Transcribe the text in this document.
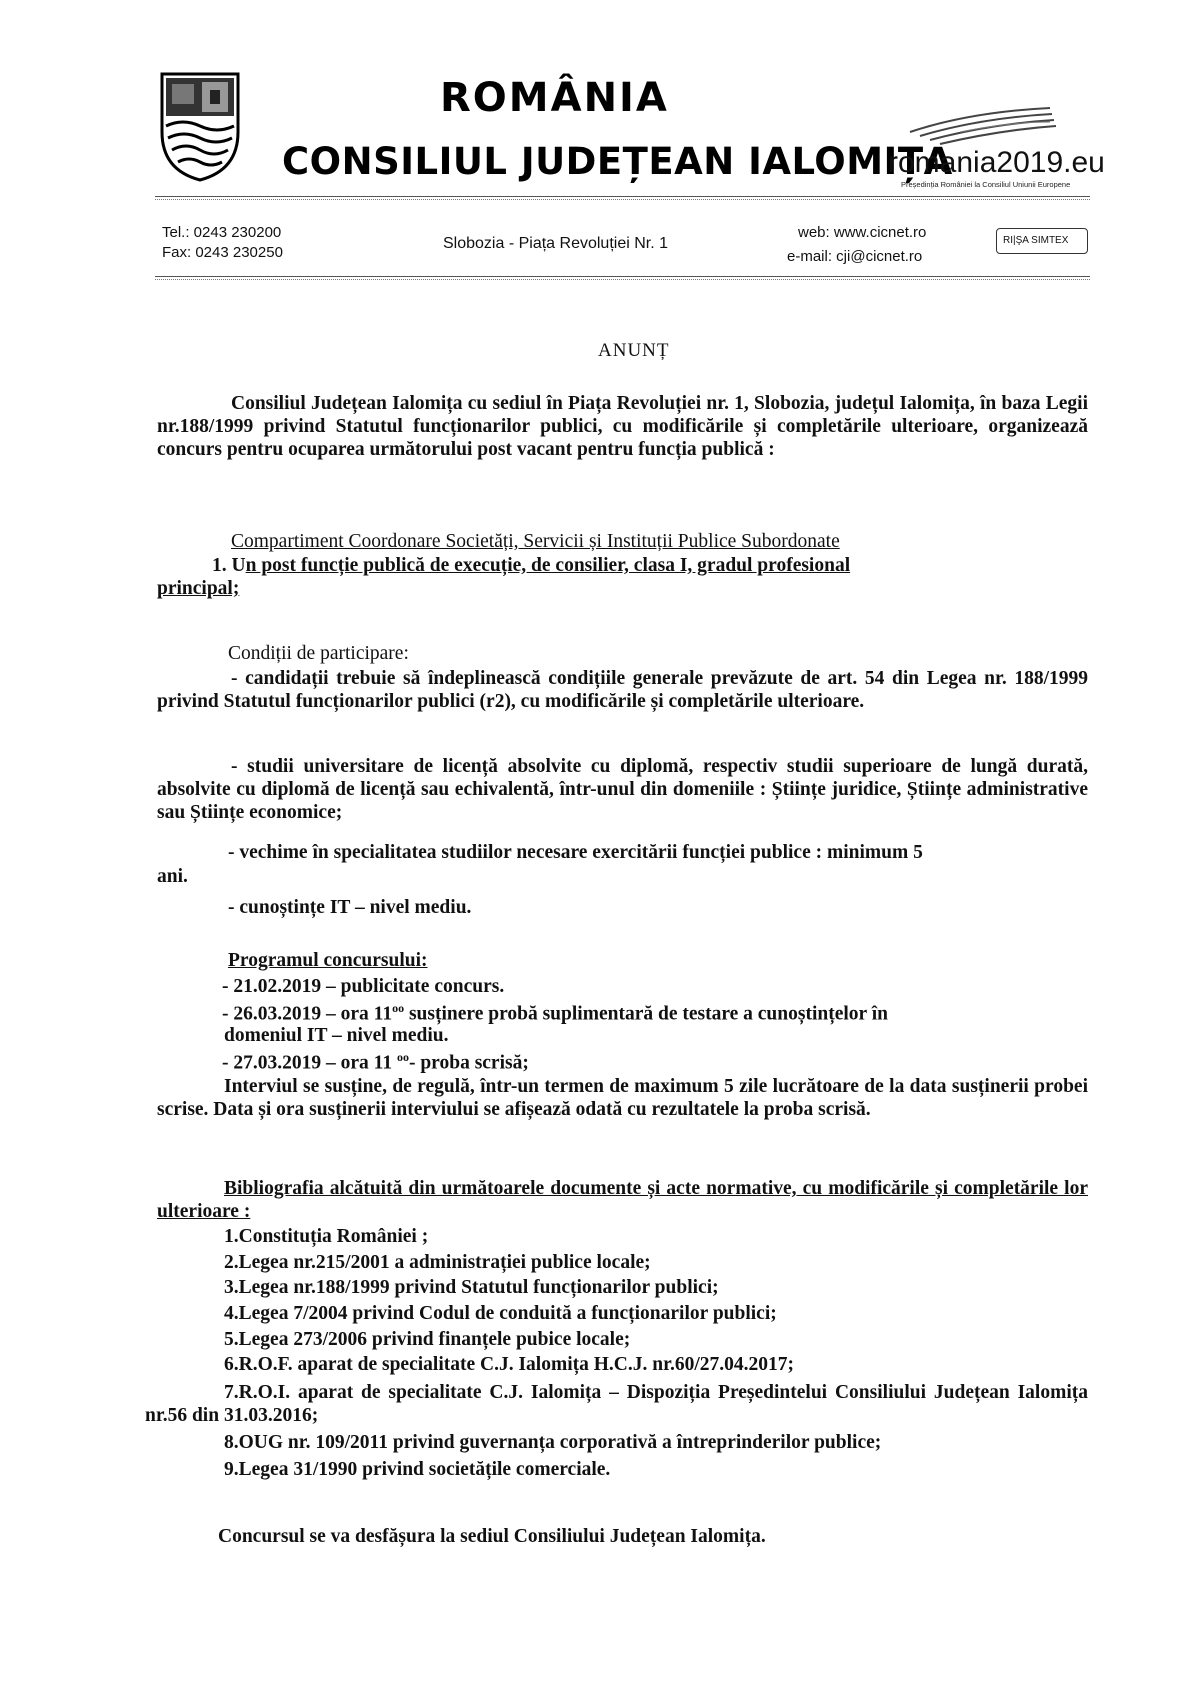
ROMÂNIA
CONSILIUL JUDEȚEAN IALOMIȚA
romania2019.eu
Președinția României la Consiliul Uniunii Europene
Tel.: 0243 230200
Fax: 0243 230250
Slobozia - Piața Revoluției Nr. 1
web: www.cicnet.ro
e-mail: cji@cicnet.ro
RI|ŞA SIMTEX
ANUNȚ

Consiliul Județean Ialomița cu sediul în Piața Revoluției nr. 1, Slobozia, județul Ialomița, în baza Legii nr.188/1999 privind Statutul funcționarilor publici, cu modificările și completările ulterioare, organizează concurs pentru ocuparea următorului post vacant pentru funcția publică :

Compartiment Coordonare Societăți, Servicii și Instituții Publice Subordonate
1. Un post funcție publică de execuție, de consilier, clasa I, gradul profesional
principal;
Condiții de participare:

- candidații trebuie să îndeplinească condițiile generale prevăzute de art. 54 din Legea nr. 188/1999 privind Statutul funcționarilor publici (r2), cu modificările și completările ulterioare.

- studii universitare de licență absolvite cu diplomă, respectiv studii superioare de lungă durată, absolvite cu diplomă de licență sau echivalentă, într-unul din domeniile : Științe juridice, Științe administrative sau Științe economice;

- vechime în specialitatea studiilor necesare exercitării funcției publice : minimum 5
ani.
- cunoștințe IT – nivel mediu.
Programul concursului:
- 21.02.2019 – publicitate concurs.
- 26.03.2019 – ora $11^{oo}$ susținere probă suplimentară de testare a cunoștințelor în
domeniul IT – nivel mediu.
- 27.03.2019 – ora 11 $^{oo}$- proba scrisă;

Interviul se susține, de regulă, într-un termen de maximum 5 zile lucrătoare de la data susținerii probei scrise. Data și ora susținerii interviului se afișează odată cu rezultatele la proba scrisă.

Bibliografia alcătuită din următoarele documente și acte normative, cu modificările și completările lor ulterioare :

1.Constituția României ;
2.Legea nr.215/2001 a administrației publice locale;
3.Legea nr.188/1999 privind Statutul funcționarilor publici;
4.Legea 7/2004 privind Codul de conduită a funcționarilor publici;
5.Legea 273/2006 privind finanțele pubice locale;
6.R.O.F. aparat de specialitate C.J. Ialomița H.C.J. nr.60/27.04.2017;

7.R.O.I. aparat de specialitate C.J. Ialomița – Dispoziția Președintelui Consiliului Județean Ialomița nr.56 din 31.03.2016;

8.OUG nr. 109/2011 privind guvernanța corporativă a întreprinderilor publice;
9.Legea 31/1990 privind societățile comerciale.
Concursul se va desfășura la sediul Consiliului Județean Ialomița.
